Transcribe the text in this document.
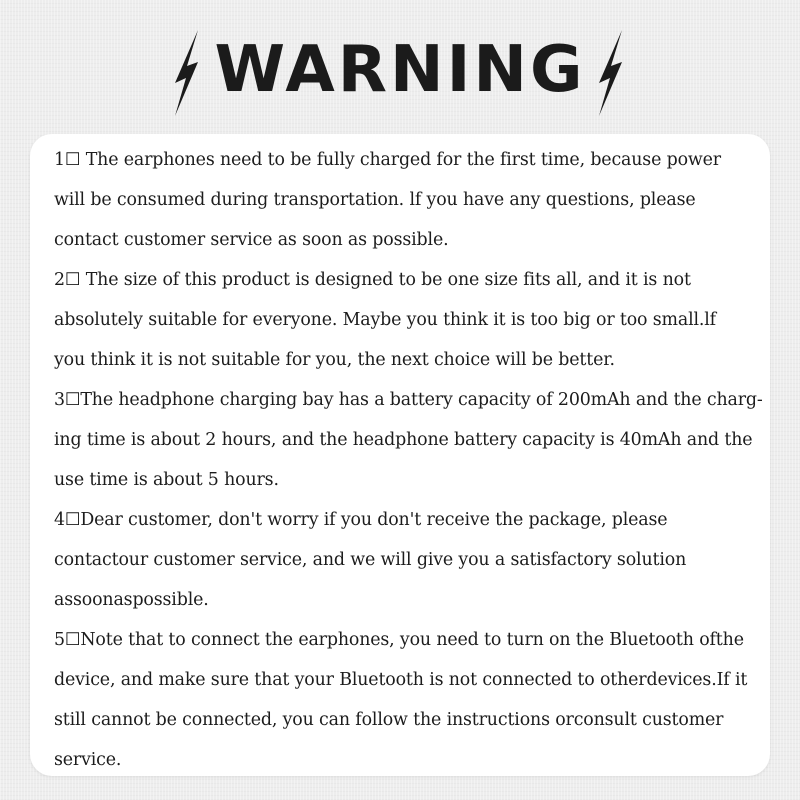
WARNING

1☐ The earphones need to be fully charged for the first time, because power
will be consumed during transportation. lf you have any questions, please
contact customer service as soon as possible.

2☐ The size of this product is designed to be one size fits all, and it is not
absolutely suitable for everyone. Maybe you think it is too big or too small.lf
you think it is not suitable for you, the next choice will be better.

3☐The headphone charging bay has a battery capacity of 200mAh and the charg-
ing time is about 2 hours, and the headphone battery capacity is 40mAh and the
use time is about 5 hours.

4☐Dear customer, don't worry if you don't receive the package, please
contactour customer service, and we will give you a satisfactory solution
assoonaspossible.

5☐Note that to connect the earphones, you need to turn on the Bluetooth ofthe
device, and make sure that your Bluetooth is not connected to otherdevices.If it
still cannot be connected, you can follow the instructions orconsult customer
service.
